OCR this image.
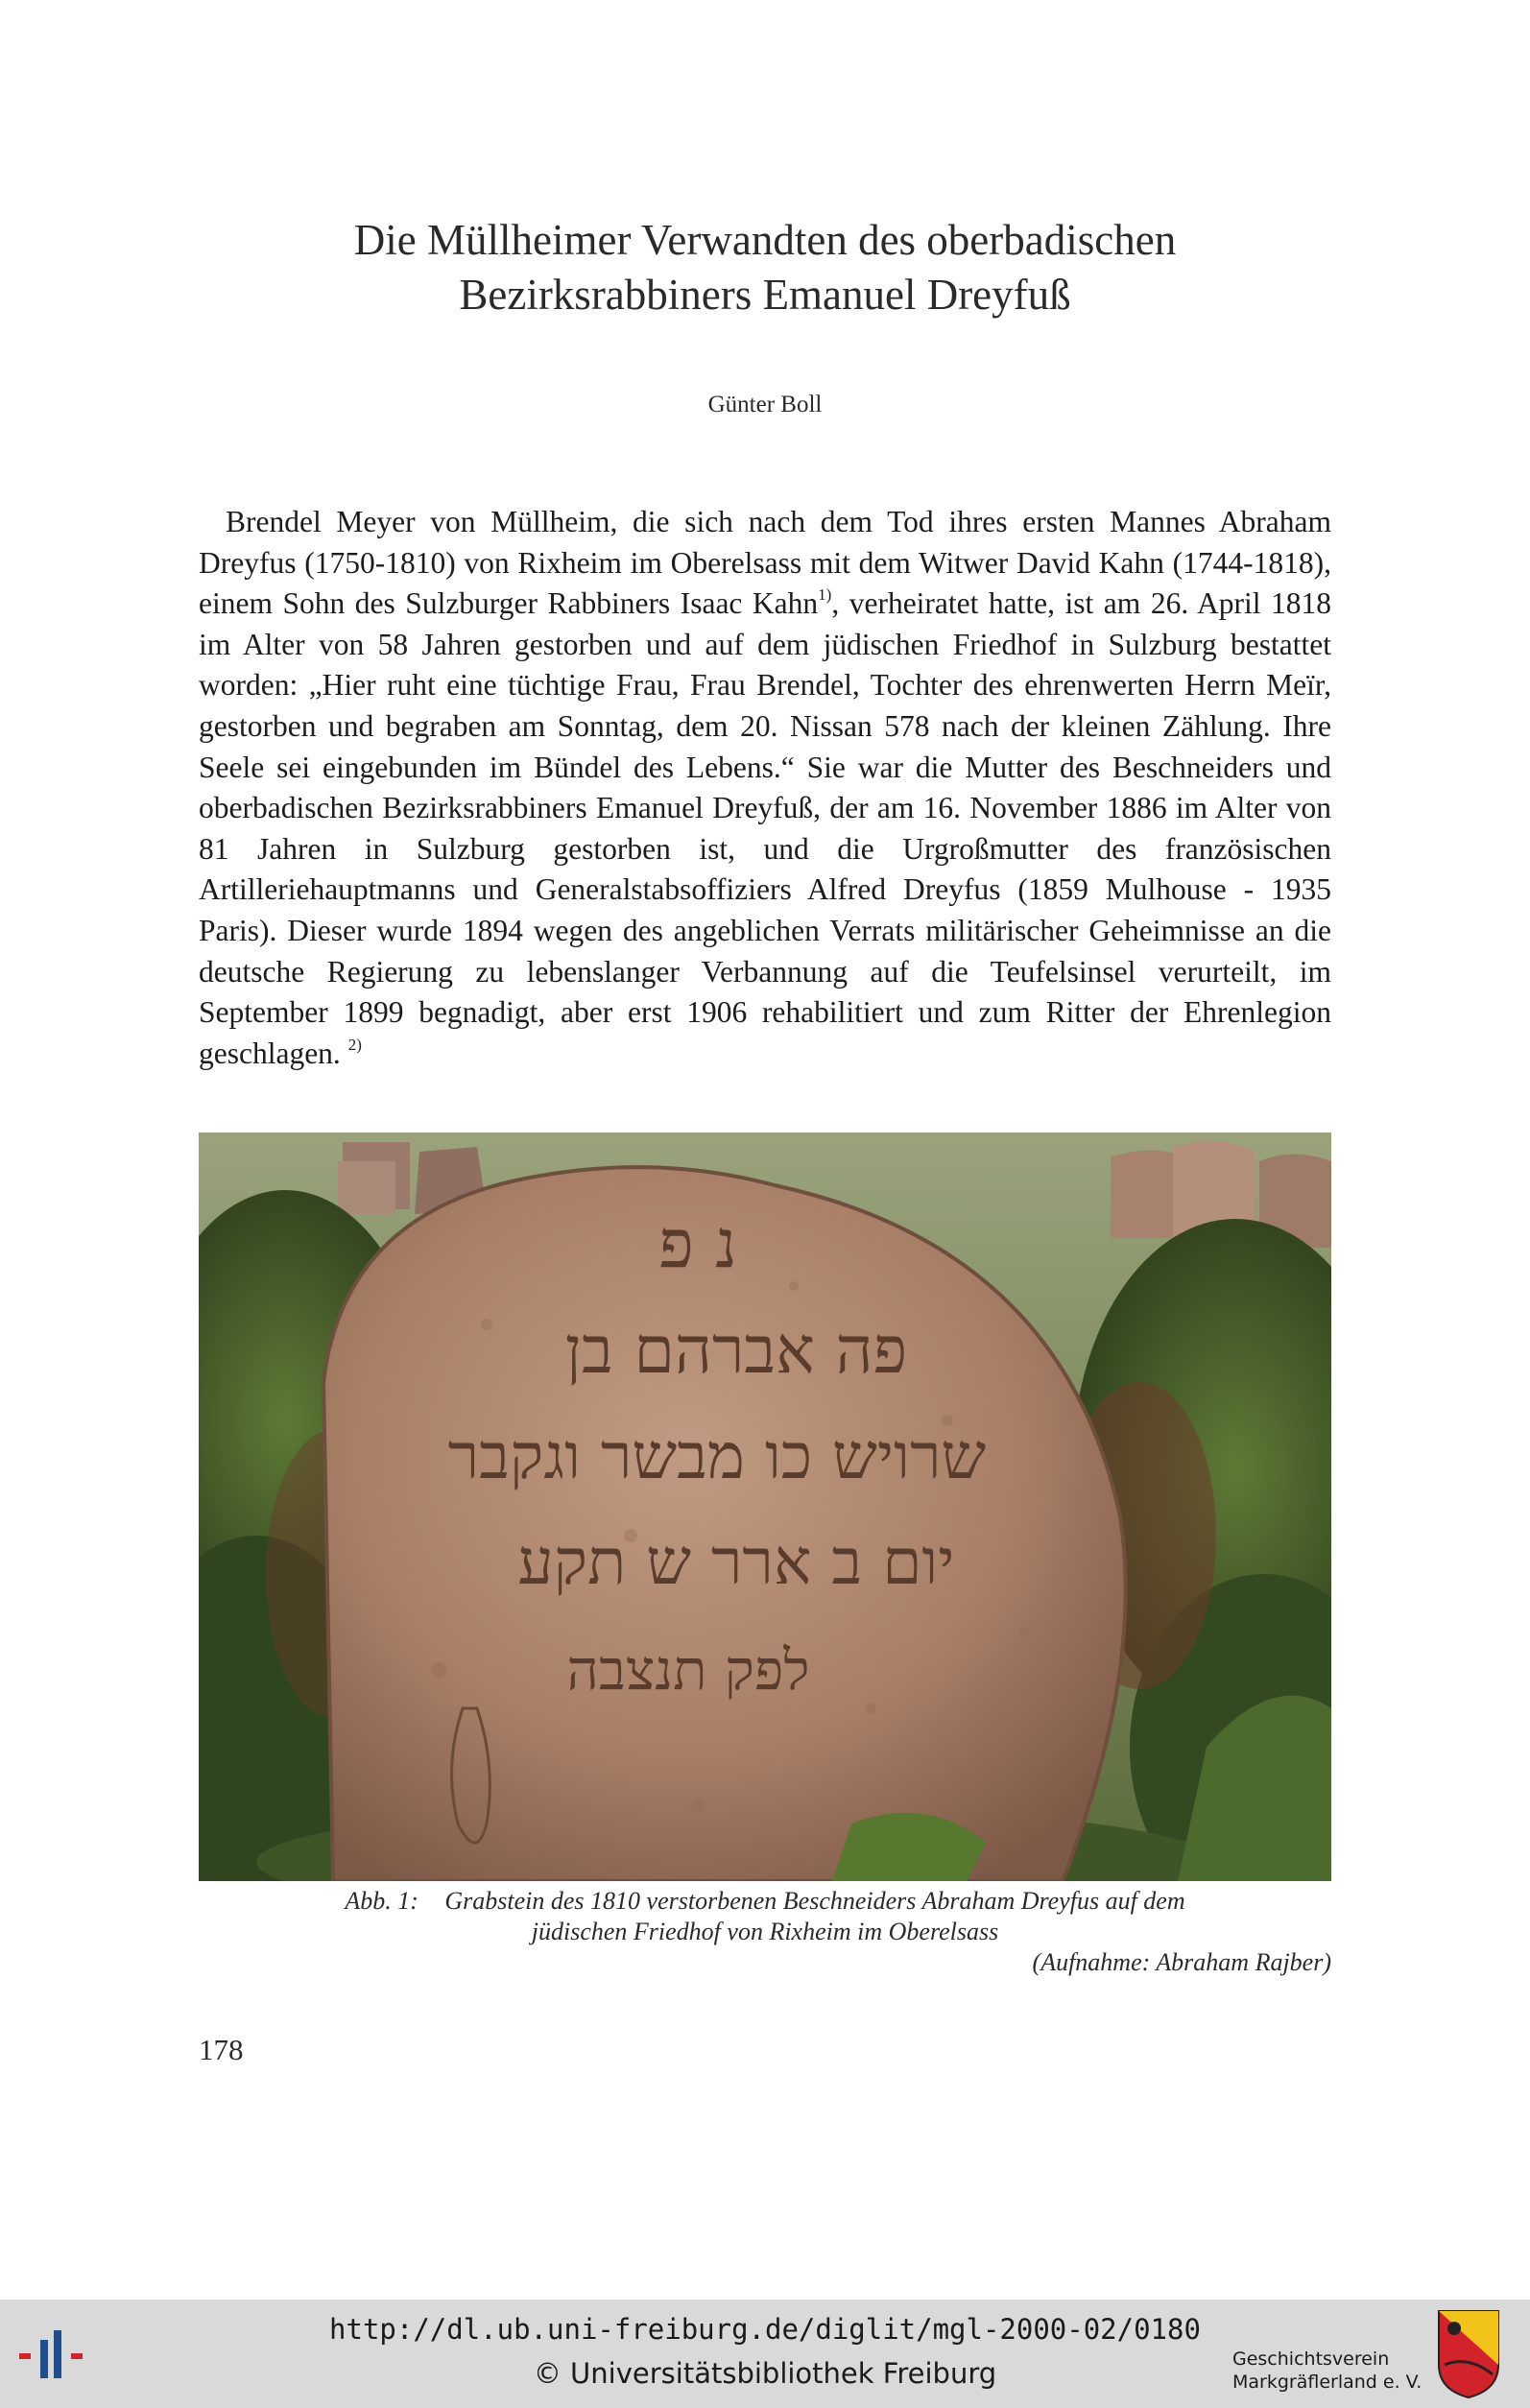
Die Müllheimer Verwandten des oberbadischen
Bezirksrabbiners Emanuel Dreyfuß
Günter Boll

Brendel Meyer von Müllheim, die sich nach dem Tod ihres ersten Mannes Abraham Dreyfus (1750-1810) von Rixheim im Oberelsass mit dem Witwer David Kahn (1744-1818), einem Sohn des Sulzburger Rabbiners Isaac Kahn$^{1)}$, verheiratet hatte, ist am 26. April 1818 im Alter von 58 Jahren gestorben und auf dem jüdischen Friedhof in Sulzburg bestattet worden: „Hier ruht eine tüchtige Frau, Frau Brendel, Tochter des ehrenwerten Herrn Meïr, gestorben und begraben am Sonntag, dem 20. Nissan 578 nach der kleinen Zählung. Ihre Seele sei eingebunden im Bündel des Lebens.“ Sie war die Mutter des Beschneiders und oberbadischen Bezirksrabbiners Emanuel Dreyfuß, der am 16. November 1886 im Alter von 81 Jahren in Sulzburg gestorben ist, und die Urgroßmutter des französischen Artilleriehauptmanns und Generalstabsoffiziers Alfred Dreyfus (1859 Mulhouse - 1935 Paris). Dieser wurde 1894 wegen des angeblichen Verrats militärischer Geheimnisse an die deutsche Regierung zu lebenslanger Verbannung auf die Teufelsinsel verurteilt, im September 1899 begnadigt, aber erst 1906 rehabilitiert und zum Ritter der Ehrenlegion geschlagen. $^{2)}$

נ פ
פה אברהם בן
שרויש כו מבשר וגקבר
יום ב ארר ש תקע
לפק תנצבה
Abb. 1:	Grabstein des 1810 verstorbenen Beschneiders Abraham Dreyfus auf dem
jüdischen Friedhof von Rixheim im Oberelsass
(Aufnahme: Abraham Rajber)
178
http://dl.ub.uni-freiburg.de/diglit/mgl-2000-02/0180
© Universitätsbibliothek Freiburg	Geschichtsverein
Markgräflerland e. V.
